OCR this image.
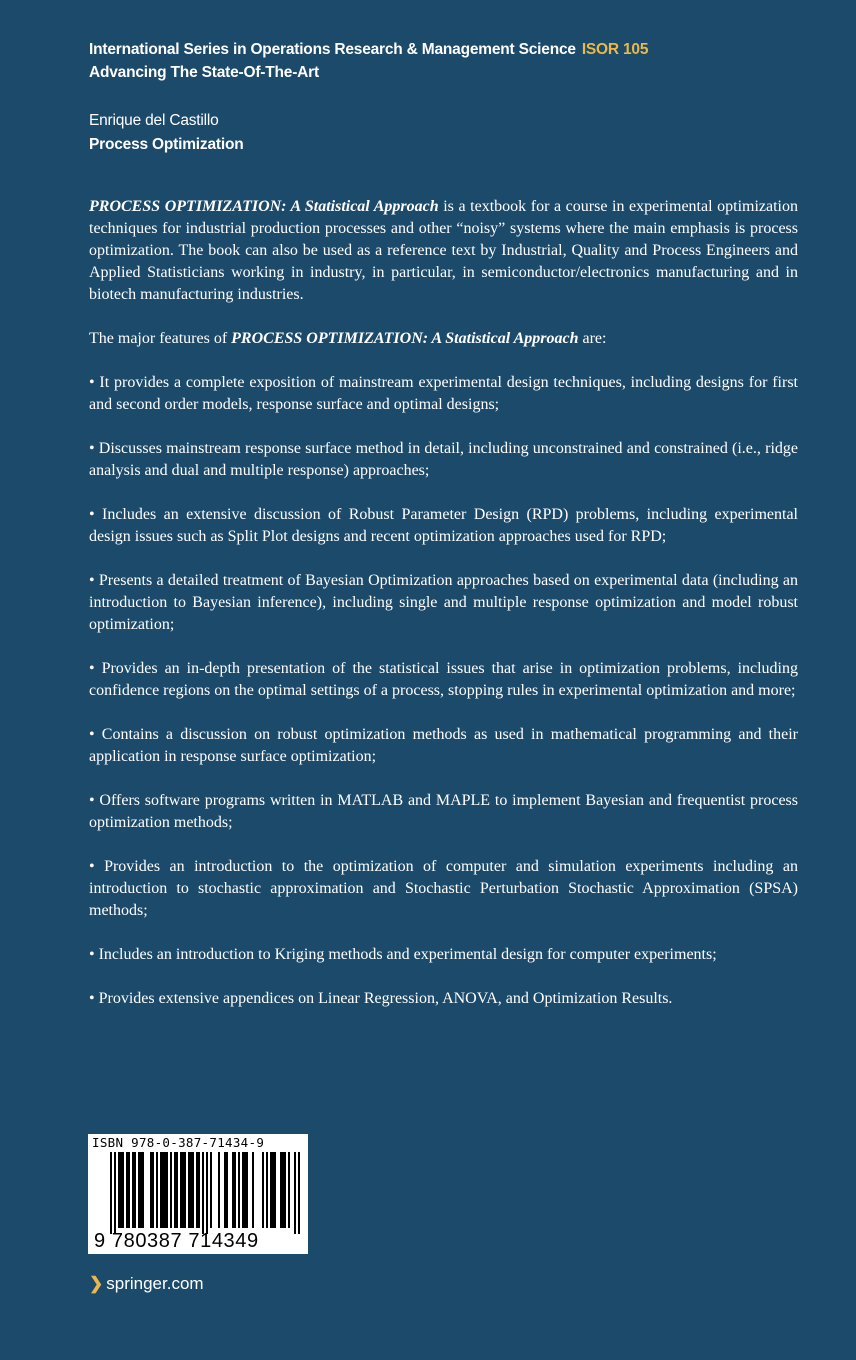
International Series in Operations Research & Management Science ISOR 105
Advancing The State-Of-The-Art
Enrique del Castillo
Process Optimization

PROCESS OPTIMIZATION: A Statistical Approach is a textbook for a course in experimental optimization techniques for industrial production processes and other “noisy” systems where the main emphasis is process optimization. The book can also be used as a reference text by Industrial, Quality and Process Engineers and Applied Statisticians working in industry, in particular, in semiconductor/electronics manufacturing and in biotech manufacturing industries.

The major features of PROCESS OPTIMIZATION: A Statistical Approach are:

• It provides a complete exposition of mainstream experimental design techniques, including designs for first and second order models, response surface and optimal designs;

• Discusses mainstream response surface method in detail, including unconstrained and constrained (i.e., ridge analysis and dual and multiple response) approaches;

• Includes an extensive discussion of Robust Parameter Design (RPD) problems, including experimental design issues such as Split Plot designs and recent optimization approaches used for RPD;

• Presents a detailed treatment of Bayesian Optimization approaches based on experimental data (including an introduction to Bayesian inference), including single and multiple response optimization and model robust optimization;

• Provides an in-depth presentation of the statistical issues that arise in optimization problems, including confidence regions on the optimal settings of a process, stopping rules in experimental optimization and more;

• Contains a discussion on robust optimization methods as used in mathematical programming and their application in response surface optimization;

• Offers software programs written in MATLAB and MAPLE to implement Bayesian and frequentist process optimization methods;

• Provides an introduction to the optimization of computer and simulation experiments including an introduction to stochastic approximation and Stochastic Perturbation Stochastic Approximation (SPSA) methods;

• Includes an introduction to Kriging methods and experimental design for computer experiments;

• Provides extensive appendices on Linear Regression, ANOVA, and Optimization Results.

ISBN 978-0-387-71434-9
9 780387 714349
❯ springer.com
